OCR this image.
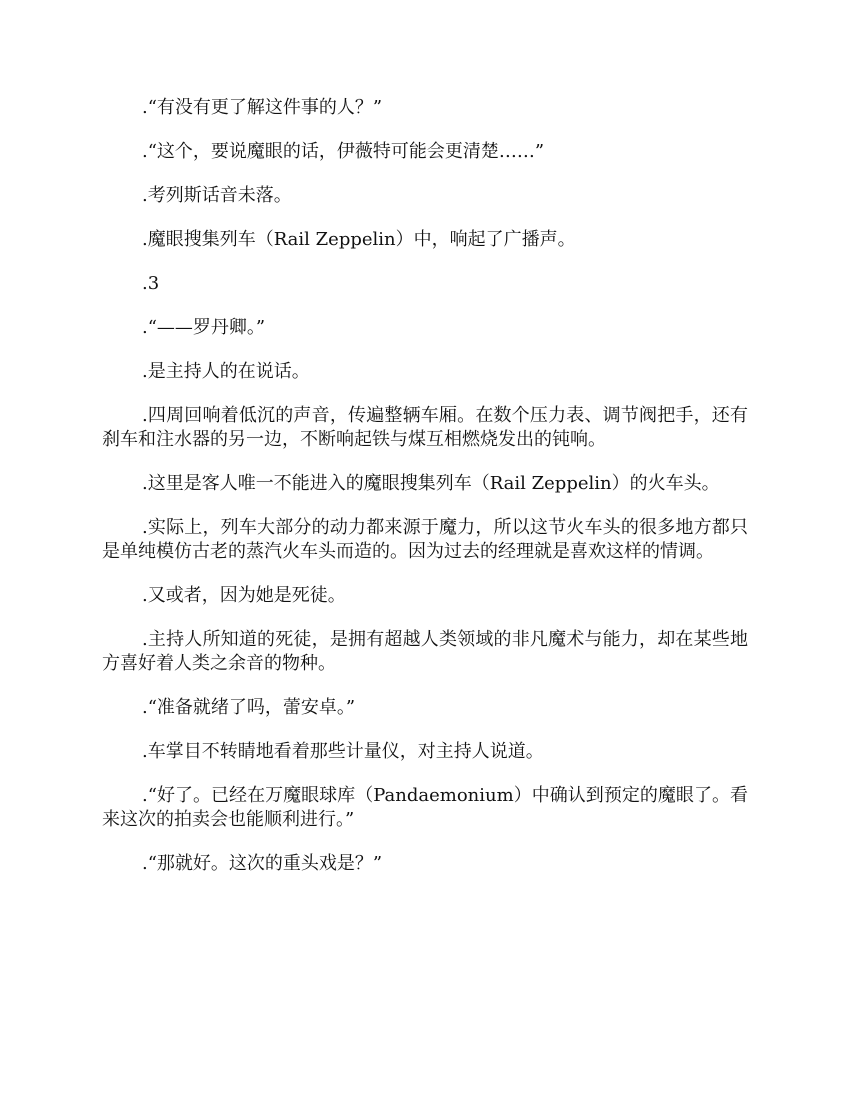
.“有没有更了解这件事的人？”

.“这个，要说魔眼的话，伊薇特可能会更清楚……”

.考列斯话音未落。

.魔眼搜集列车（Rail Zeppelin）中，响起了广播声。

.3

.“——罗丹卿。”

.是主持人的在说话。

.四周回响着低沉的声音，传遍整辆车厢。在数个压力表、调节阀把手，还有刹车和注水器的另一边，不断响起铁与煤互相燃烧发出的钝响。

.这里是客人唯一不能进入的魔眼搜集列车（Rail Zeppelin）的火车头。

.实际上，列车大部分的动力都来源于魔力，所以这节火车头的很多地方都只是单纯模仿古老的蒸汽火车头而造的。因为过去的经理就是喜欢这样的情调。

.又或者，因为她是死徒。

.主持人所知道的死徒，是拥有超越人类领域的非凡魔术与能力，却在某些地方喜好着人类之余音的物种。

.“准备就绪了吗，蕾安卓。”

.车掌目不转睛地看着那些计量仪，对主持人说道。

.“好了。已经在万魔眼球库（Pandaemonium）中确认到预定的魔眼了。看来这次的拍卖会也能顺利进行。”

.“那就好。这次的重头戏是？”
